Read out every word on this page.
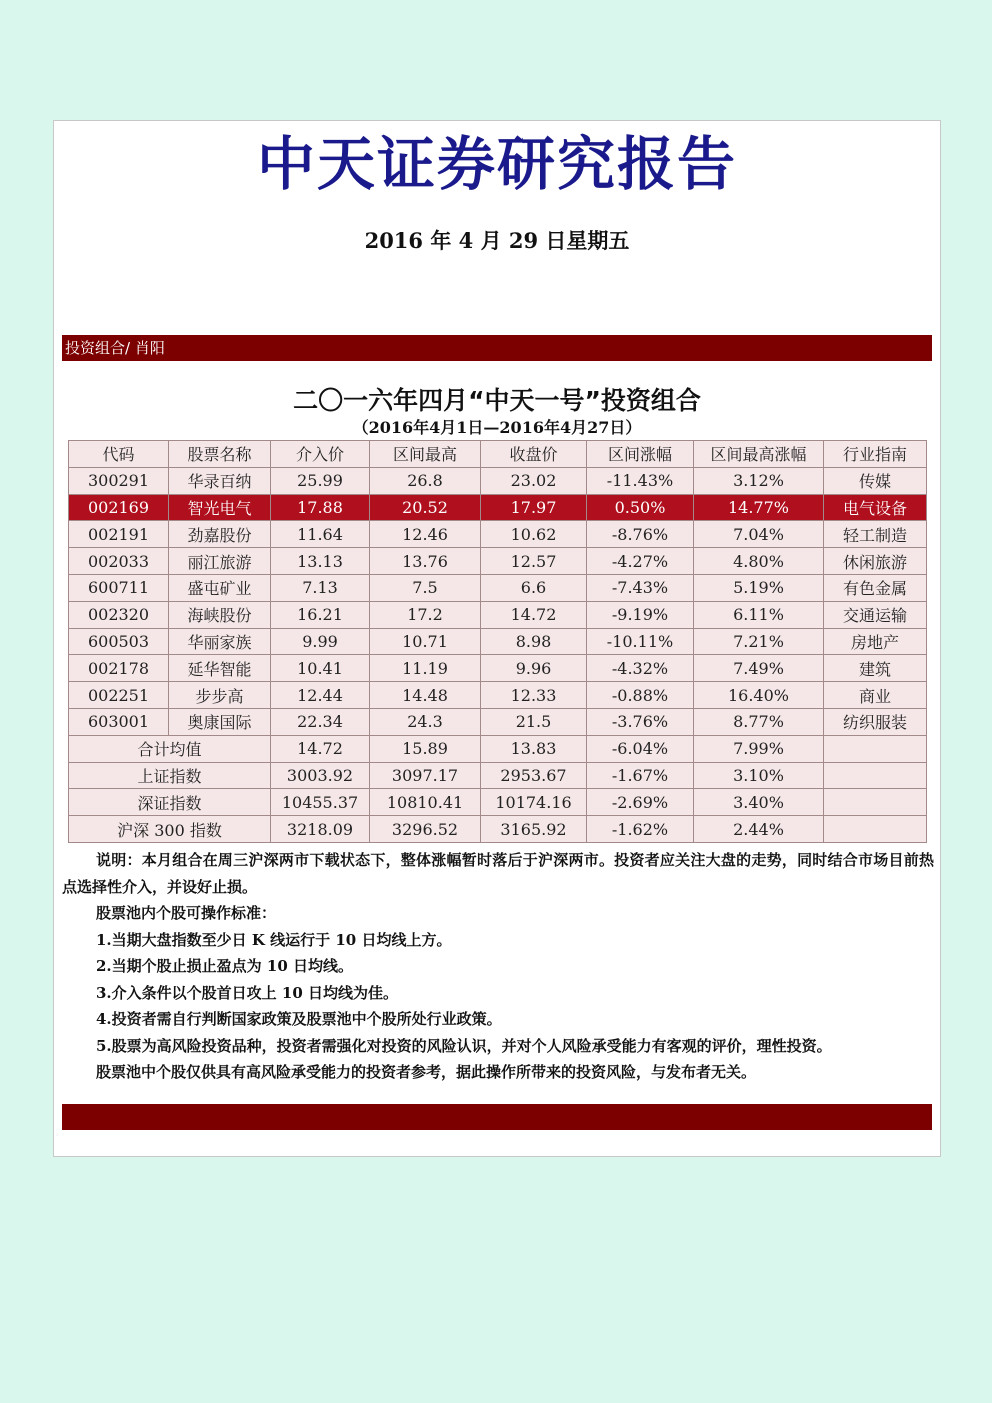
中天证券研究报告
2016 年 4 月 29 日星期五
投资组合/ 肖阳
二〇一六年四月“中天一号”投资组合
（2016年4月1日—2016年4月27日）
代码	股票名称	介入价	区间最高	收盘价	区间涨幅	区间最高涨幅	行业指南
300291	华录百纳	25.99	26.8	23.02	-11.43%	3.12%	传媒
002169	智光电气	17.88	20.52	17.97	0.50%	14.77%	电气设备
002191	劲嘉股份	11.64	12.46	10.62	-8.76%	7.04%	轻工制造
002033	丽江旅游	13.13	13.76	12.57	-4.27%	4.80%	休闲旅游
600711	盛屯矿业	7.13	7.5	6.6	-7.43%	5.19%	有色金属
002320	海峡股份	16.21	17.2	14.72	-9.19%	6.11%	交通运输
600503	华丽家族	9.99	10.71	8.98	-10.11%	7.21%	房地产
002178	延华智能	10.41	11.19	9.96	-4.32%	7.49%	建筑
002251	步步高	12.44	14.48	12.33	-0.88%	16.40%	商业
603001	奥康国际	22.34	24.3	21.5	-3.76%	8.77%	纺织服装
合计均值		14.72	15.89	13.83	-6.04%	7.99%	
上证指数		3003.92	3097.17	2953.67	-1.67%	3.10%	
深证指数		10455.37	10810.41	10174.16	-2.69%	3.40%	
沪深 300 指数		3218.09	3296.52	3165.92	-1.62%	2.44%	

说明：本月组合在周三沪深两市下载状态下，整体涨幅暂时落后于沪深两市。投资者应关注大盘的走势，同时结合市场目前热点选择性介入，并设好止损。

股票池内个股可操作标准：

1.当期大盘指数至少日 K 线运行于 10 日均线上方。

2.当期个股止损止盈点为 10 日均线。

3.介入条件以个股首日攻上 10 日均线为佳。

4.投资者需自行判断国家政策及股票池中个股所处行业政策。

5.股票为高风险投资品种，投资者需强化对投资的风险认识，并对个人风险承受能力有客观的评价，理性投资。

股票池中个股仅供具有高风险承受能力的投资者参考，据此操作所带来的投资风险，与发布者无关。
